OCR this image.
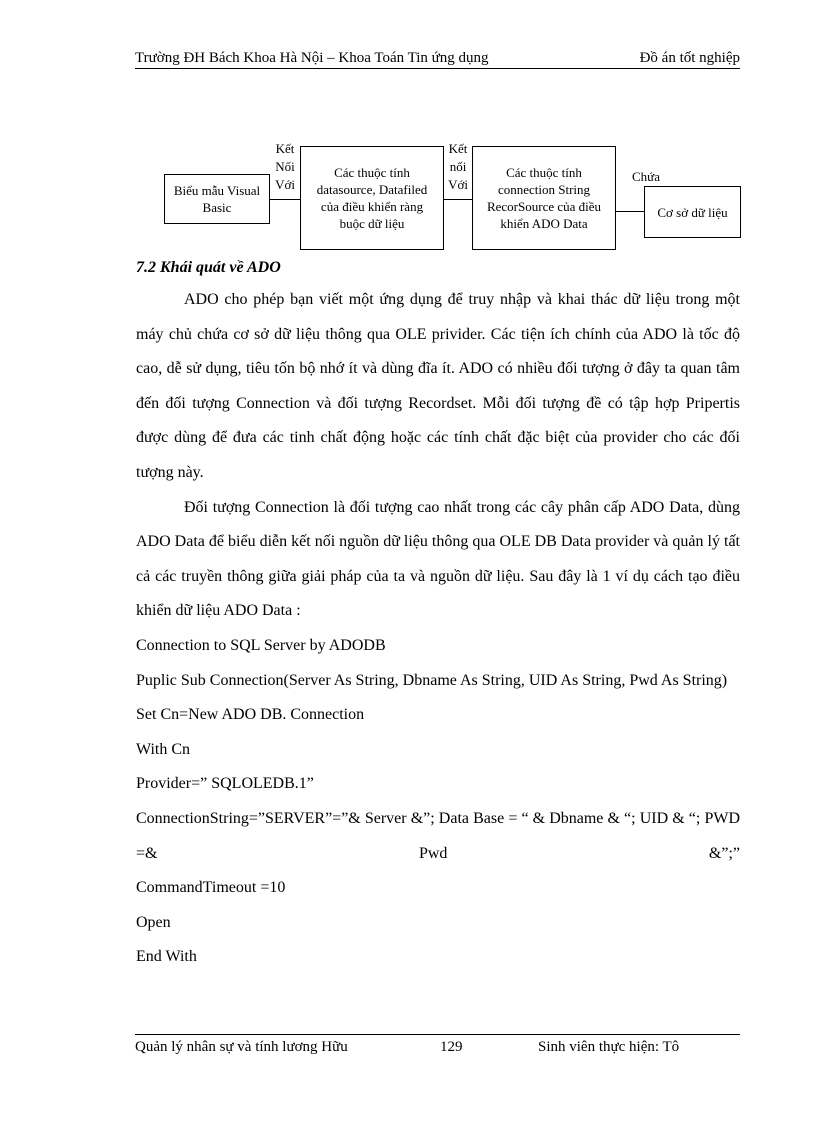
Trường ĐH Bách Khoa Hà Nội – Khoa Toán Tin ứng dụng	Đồ án tốt nghiệp
Biểu mẫu Visual Basic
Kết
Nối
Với
Các thuộc tính datasource, Datafiled của điều khiển ràng buộc dữ liệu
Kết
nối
Với
Các thuộc tính connection String RecorSource của điều khiển ADO Data
Chứa
Cơ sở dữ liệu
7.2 Khái quát về ADO

ADO cho phép bạn viết một ứng dụng để truy nhập và khai thác dữ liệu trong một máy chủ chứa cơ sở dữ liệu thông qua OLE privider. Các tiện ích chính của ADO là tốc độ cao, dễ sử dụng, tiêu tốn bộ nhớ ít và dùng đĩa ít. ADO có nhiều đối tượng ở đây ta quan tâm đến đối tượng Connection và đối tượng Recordset. Mỗi đối tượng đề có tập hợp Pripertis được dùng để đưa các tinh chất động hoặc các tính chất đặc biệt của provider cho các đối tượng này.

Đối tượng Connection là đối tượng cao nhất trong các cây phân cấp ADO Data, dùng ADO Data để biểu diễn kết nối nguồn dữ liệu thông qua OLE DB Data provider và quản lý tất cả các truyền thông giữa giải pháp của ta và nguồn dữ liệu. Sau đây là 1 ví dụ cách tạo điều khiển dữ liệu ADO Data :

Connection to SQL Server by ADODB

Puplic Sub Connection(Server As String, Dbname As String, UID As String, Pwd As String)

Set Cn=New ADO DB. Connection

With Cn

Provider=” SQLOLEDB.1”

ConnectionString=”SERVER”=”& Server &”; Data Base = “ & Dbname & “; UID & “; PWD =& Pwd &”;”

CommandTimeout =10

Open

End With

Quản lý nhân sự và tính lương Hữu	129	Sinh viên thực hiện: Tô
